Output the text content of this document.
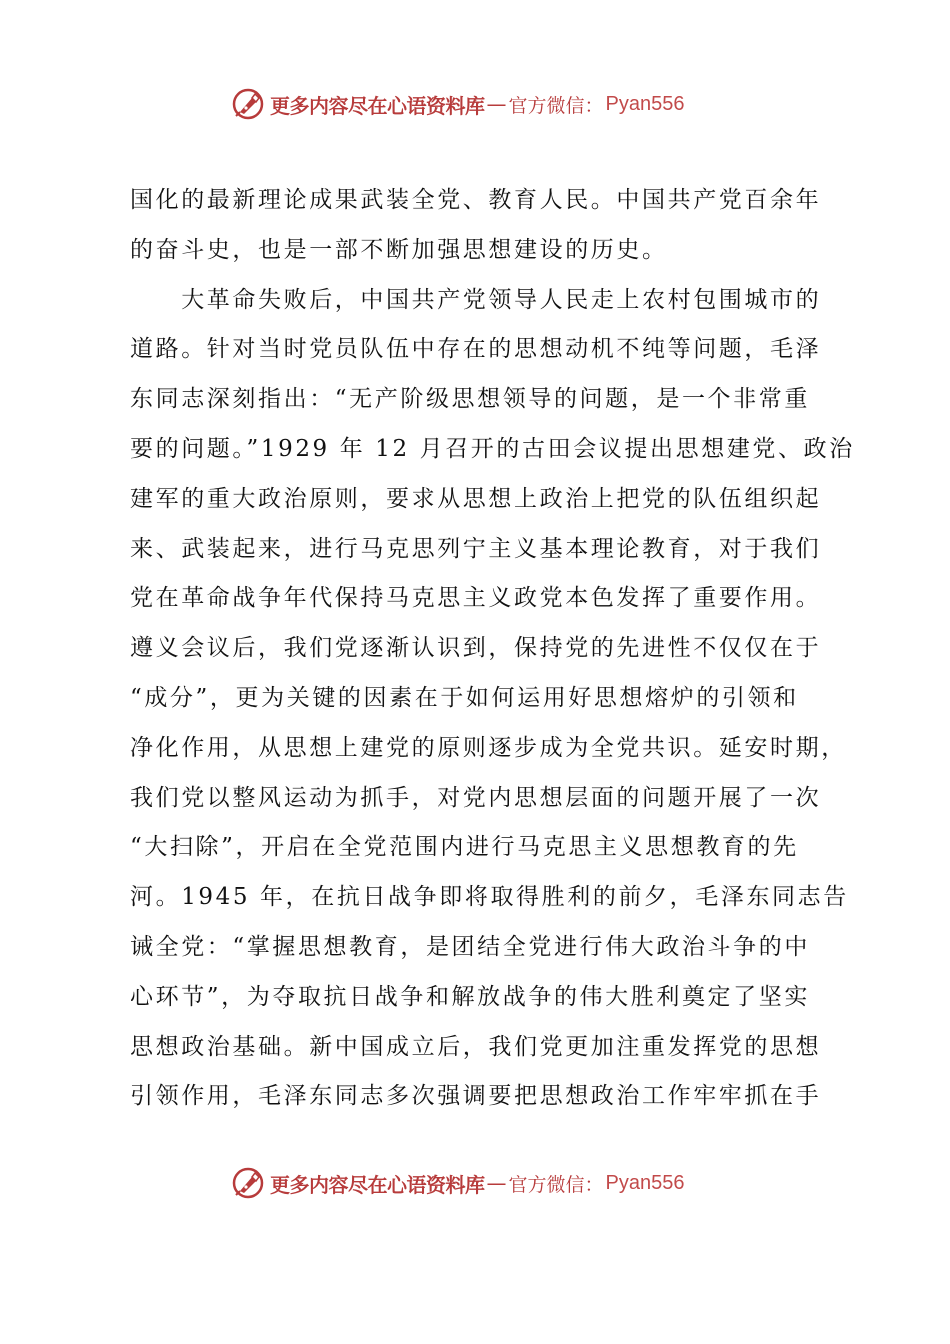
更多内容尽在心语资料库 — 官方微信： Pyan556
国化的最新理论成果武装全党、教育人民。中国共产党百余年
的奋斗史，也是一部不断加强思想建设的历史。
　　大革命失败后，中国共产党领导人民走上农村包围城市的
道路。针对当时党员队伍中存在的思想动机不纯等问题，毛泽
东同志深刻指出：“无产阶级思想领导的问题，是一个非常重
要的问题。”1929 年 12 月召开的古田会议提出思想建党、政治
建军的重大政治原则，要求从思想上政治上把党的队伍组织起
来、武装起来，进行马克思列宁主义基本理论教育，对于我们
党在革命战争年代保持马克思主义政党本色发挥了重要作用。
遵义会议后，我们党逐渐认识到，保持党的先进性不仅仅在于
“成分”，更为关键的因素在于如何运用好思想熔炉的引领和
净化作用，从思想上建党的原则逐步成为全党共识。延安时期，
我们党以整风运动为抓手，对党内思想层面的问题开展了一次
“大扫除”，开启在全党范围内进行马克思主义思想教育的先
河。1945 年，在抗日战争即将取得胜利的前夕，毛泽东同志告
诫全党：“掌握思想教育，是团结全党进行伟大政治斗争的中
心环节”，为夺取抗日战争和解放战争的伟大胜利奠定了坚实
思想政治基础。新中国成立后，我们党更加注重发挥党的思想
引领作用，毛泽东同志多次强调要把思想政治工作牢牢抓在手
更多内容尽在心语资料库 — 官方微信： Pyan556
